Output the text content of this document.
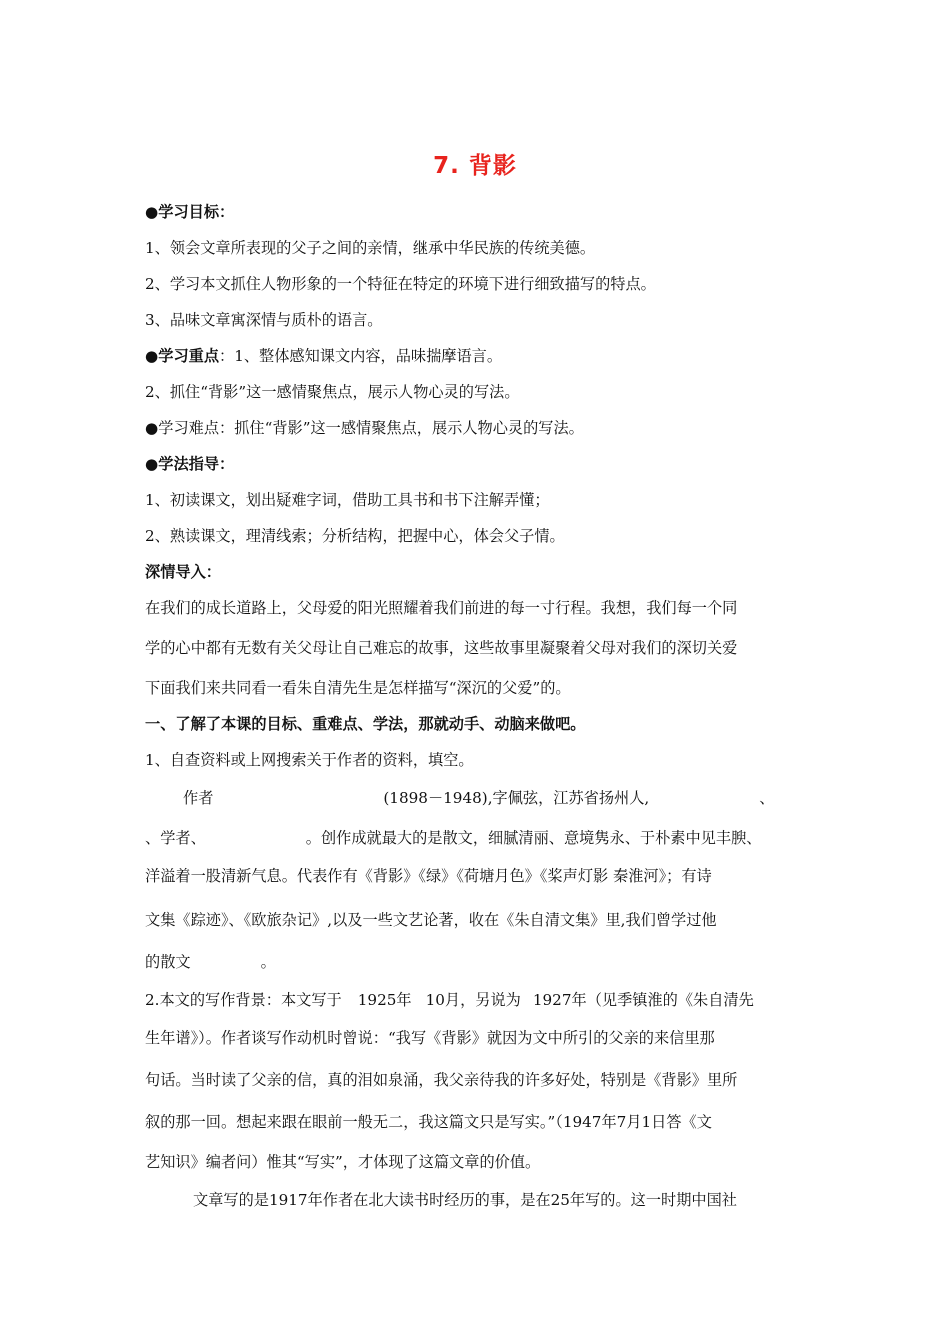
7. 背影
●学习目标：
1、领会文章所表现的父子之间的亲情，继承中华民族的传统美德。
2、学习本文抓住人物形象的一个特征在特定的环境下进行细致描写的特点。
3、品味文章寓深情与质朴的语言。
●学习重点：1、整体感知课文内容，品味揣摩语言。
2、抓住“背影”这一感情聚焦点，展示人物心灵的写法。
●学习难点：抓住“背影”这一感情聚焦点，展示人物心灵的写法。
●学法指导：
1、初读课文，划出疑难字词，借助工具书和书下注解弄懂；
2、熟读课文，理清线索；分析结构，把握中心，体会父子情。
深情导入：
在我们的成长道路上，父母爱的阳光照耀着我们前进的每一寸行程。我想，我们每一个同
学的心中都有无数有关父母让自己难忘的故事，这些故事里凝聚着父母对我们的深切关爱
下面我们来共同看一看朱自清先生是怎样描写“深沉的父爱”的。
一、了解了本课的目标、重难点、学法，那就动手、动脑来做吧。
1、自查资料或上网搜索关于作者的资料，填空。
作者	(1898－1948),字佩弦，江苏省扬州人,	、
、学者、	。创作成就最大的是散文，细腻清丽、意境隽永、于朴素中见丰腴、
洋溢着一股清新气息。代表作有《背影》《绿》《荷塘月色》《桨声灯影 秦淮河》；有诗
文集《踪迹》、《欧旅杂记》,以及一些文艺论著，收在《朱自清文集》里,我们曾学过他
的散文	。
2.本文的写作背景：本文写于 1925年 10月，另说为 1927年（见季镇淮的《朱自清先
生年谱》）。作者谈写作动机时曾说：“我写《背影》就因为文中所引的父亲的来信里那
句话。当时读了父亲的信，真的泪如泉涌，我父亲待我的许多好处，特别是《背影》里所
叙的那一回。想起来跟在眼前一般无二，我这篇文只是写实。”（1947年7月1日答《文
艺知识》编者问）惟其“写实”，才体现了这篇文章的价值。
文章写的是1917年作者在北大读书时经历的事，是在25年写的。这一时期中国社
